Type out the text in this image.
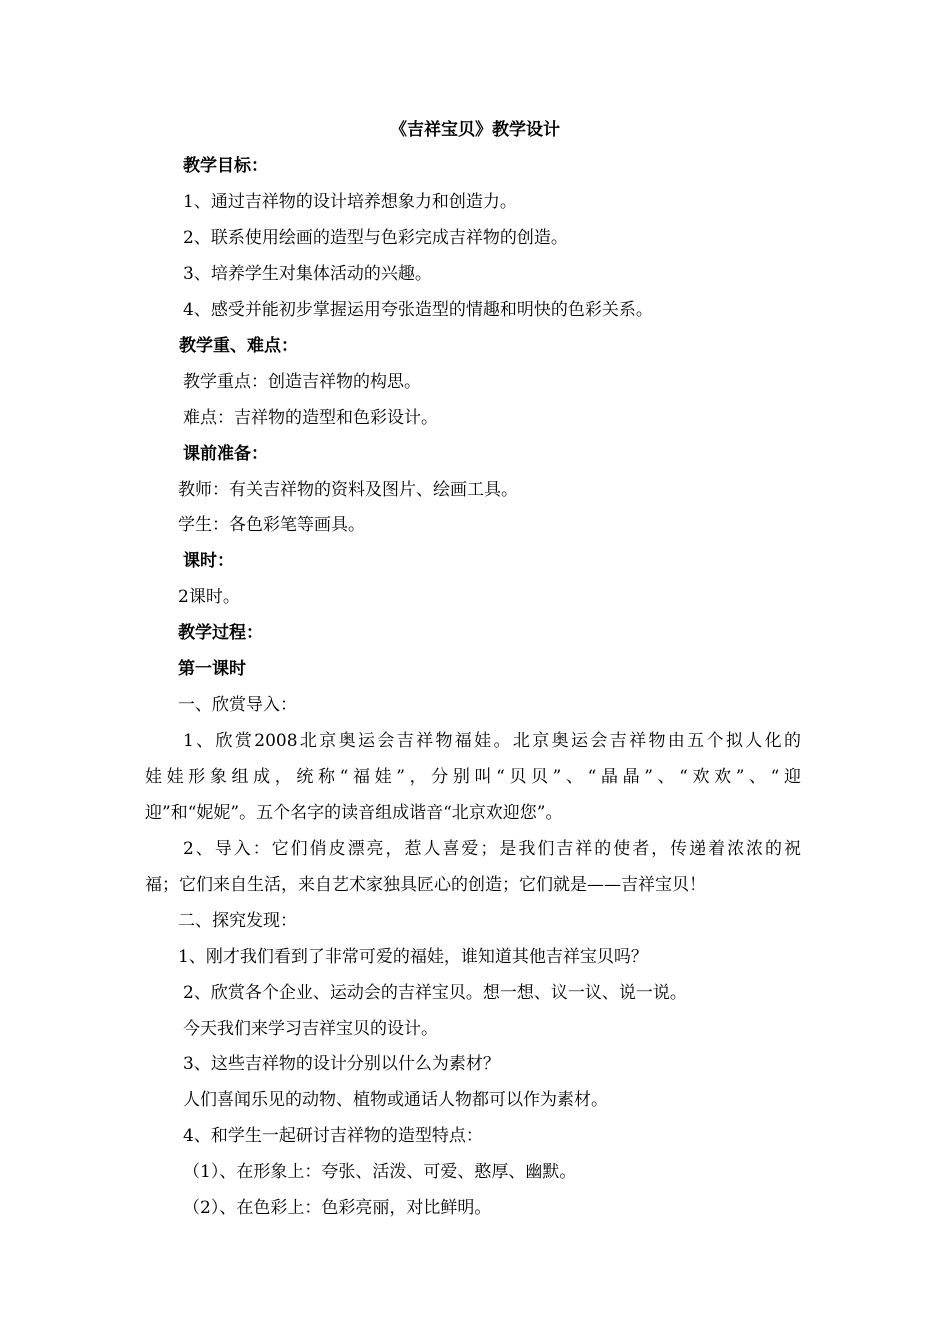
《吉祥宝贝》教学设计
教学目标：
1、通过吉祥物的设计培养想象力和创造力。
2、联系使用绘画的造型与色彩完成吉祥物的创造。
3、培养学生对集体活动的兴趣。
4、感受并能初步掌握运用夸张造型的情趣和明快的色彩关系。
教学重、难点：
教学重点：创造吉祥物的构思。
难点：吉祥物的造型和色彩设计。
课前准备：
教师：有关吉祥物的资料及图片、绘画工具。
学生：各色彩笔等画具。
课时：
2课时。
教学过程：
第一课时
一、欣赏导入：
1、欣赏2008北京奥运会吉祥物福娃。北京奥运会吉祥物由五个拟人化的
娃娃形象组成，统称“福娃”，分别叫“贝贝”、“晶晶”、“欢欢”、“迎
迎”和“妮妮”。五个名字的读音组成谐音“北京欢迎您”。
2、导入：它们俏皮漂亮，惹人喜爱；是我们吉祥的使者，传递着浓浓的祝
福；它们来自生活，来自艺术家独具匠心的创造；它们就是——吉祥宝贝！
二、探究发现：
1、刚才我们看到了非常可爱的福娃，谁知道其他吉祥宝贝吗？
2、欣赏各个企业、运动会的吉祥宝贝。想一想、议一议、说一说。
今天我们来学习吉祥宝贝的设计。
3、这些吉祥物的设计分别以什么为素材？
人们喜闻乐见的动物、植物或通话人物都可以作为素材。
4、和学生一起研讨吉祥物的造型特点：
（1）、在形象上：夸张、活泼、可爱、憨厚、幽默。
（2）、在色彩上：色彩亮丽，对比鲜明。
